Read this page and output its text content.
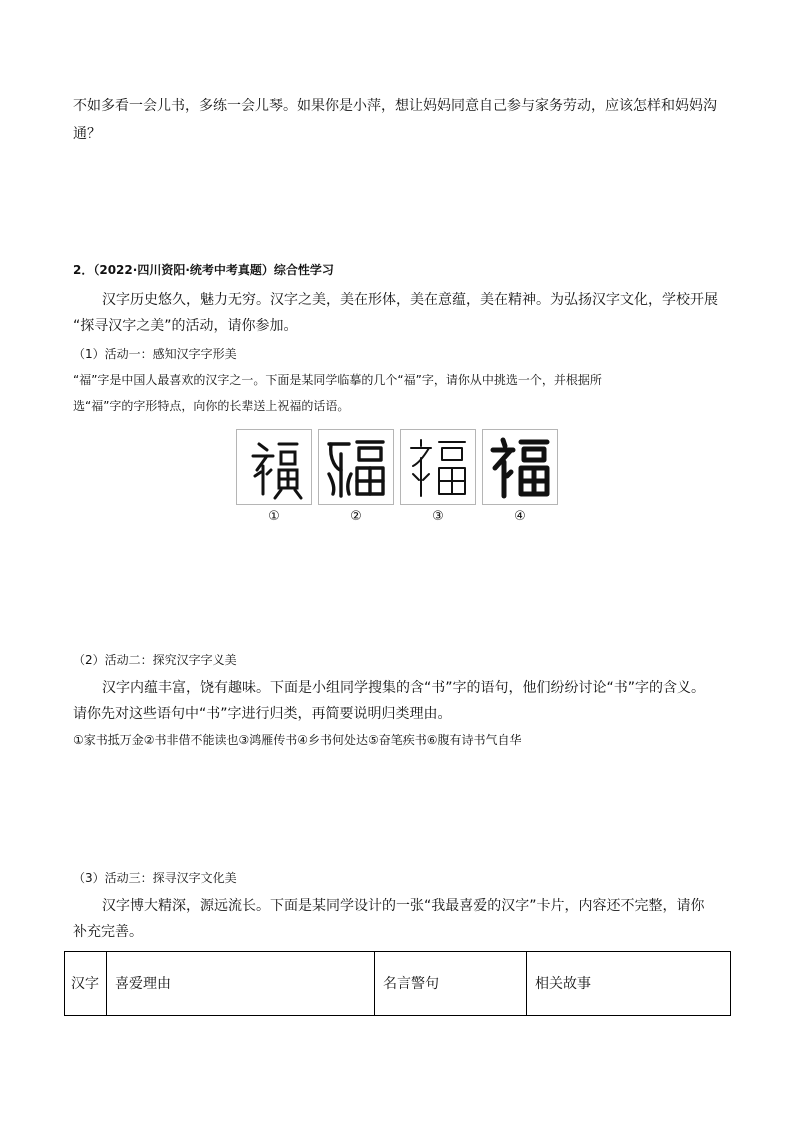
不如多看一会儿书，多练一会儿琴。如果你是小萍，想让妈妈同意自己参与家务劳动，应该怎样和妈妈沟
通？
2．（2022·四川资阳·统考中考真题）综合性学习
汉字历史悠久，魅力无穷。汉字之美，美在形体，美在意蕴，美在精神。为弘扬汉字文化，学校开展
“探寻汉字之美”的活动，请你参加。
（1）活动一：感知汉字字形美
“福”字是中国人最喜欢的汉字之一。下面是某同学临摹的几个“福”字，请你从中挑选一个，并根据所
选“福”字的字形特点，向你的长辈送上祝福的话语。
①	②	③	④
（2）活动二：探究汉字字义美
汉字内蕴丰富，饶有趣味。下面是小组同学搜集的含“书”字的语句，他们纷纷讨论“书”字的含义。
请你先对这些语句中“书”字进行归类，再简要说明归类理由。
①家书抵万金②书非借不能读也③鸿雁传书④乡书何处达⑤奋笔疾书⑥腹有诗书气自华
（3）活动三：探寻汉字文化美
汉字博大精深，源远流长。下面是某同学设计的一张“我最喜爱的汉字”卡片，内容还不完整，请你
补充完善。
汉字	喜爱理由	名言警句	相关故事
